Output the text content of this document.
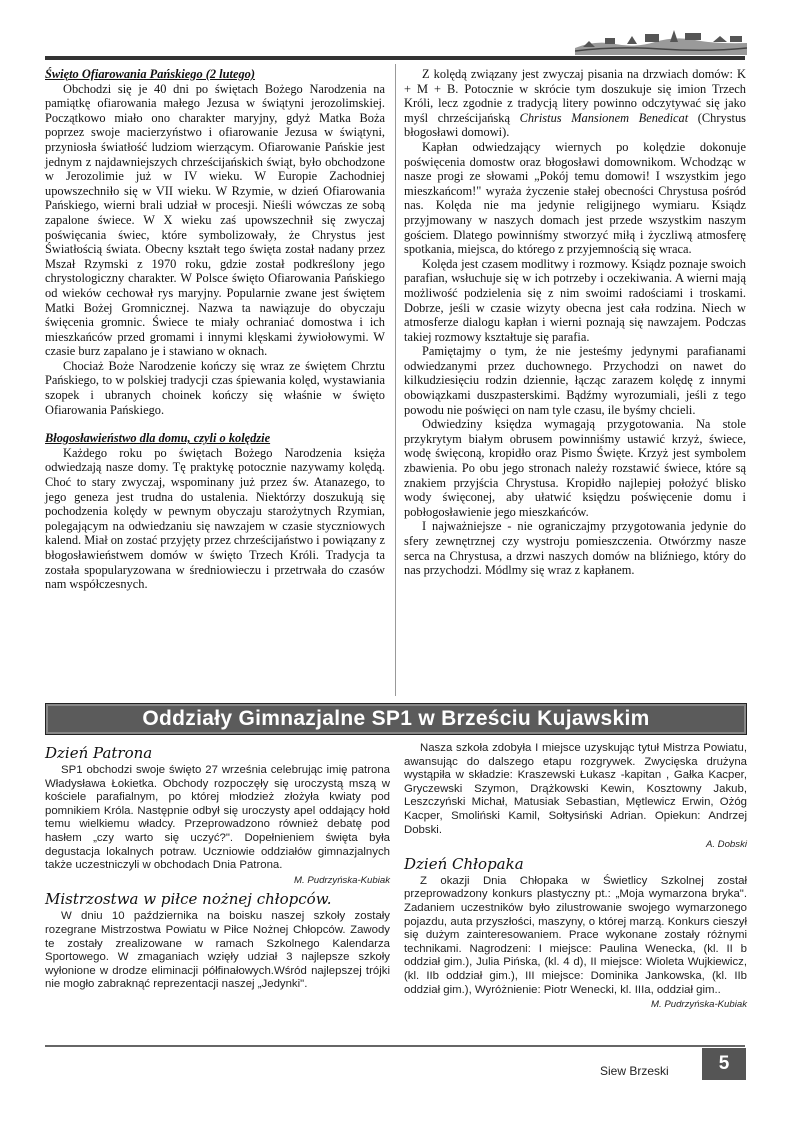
Święto Ofiarowania Pańskiego (2 lutego)

Obchodzi się je 40 dni po świętach Bożego Narodzenia na pamiątkę ofiarowania małego Jezusa w świątyni jerozolimskiej. Początkowo miało ono charakter maryjny, gdyż Matka Boża poprzez swoje macierzyństwo i ofiarowanie Jezusa w świątyni, przyniosła światłość ludziom wierzącym. Ofiarowanie Pańskie jest jednym z najdawniejszych chrześcijańskich świąt, było obchodzone w Jerozolimie już w IV wieku. W Europie Zachodniej upowszechniło się w VII wieku. W Rzymie, w dzień Ofiarowania Pańskiego, wierni brali udział w procesji. Nieśli wówczas ze sobą zapalone świece. W X wieku zaś upowszechnił się zwyczaj poświęcania świec, które symbolizowały, że Chrystus jest Światłością świata. Obecny kształt tego święta został nadany przez Mszał Rzymski z 1970 roku, gdzie został podkreślony jego chrystologiczny charakter. W Polsce święto Ofiarowania Pańskiego od wieków cechował rys maryjny. Popularnie zwane jest świętem Matki Bożej Gromnicznej. Nazwa ta nawiązuje do obyczaju święcenia gromnic. Świece te miały ochraniać domostwa i ich mieszkańców przed gromami i innymi klęskami żywiołowymi. W czasie burz zapalano je i stawiano w oknach.

Chociaż Boże Narodzenie kończy się wraz ze świętem Chrztu Pańskiego, to w polskiej tradycji czas śpiewania kolęd, wystawiania szopek i ubranych choinek kończy się właśnie w święto Ofiarowania Pańskiego.

Błogosławieństwo dla domu, czyli o kolędzie

Każdego roku po świętach Bożego Narodzenia księża odwiedzają nasze domy. Tę praktykę potocznie nazywamy kolędą. Choć to stary zwyczaj, wspominany już przez św. Atanazego, to jego geneza jest trudna do ustalenia. Niektórzy doszukują się pochodzenia kolędy w pewnym obyczaju starożytnych Rzymian, polegającym na odwiedzaniu się nawzajem w czasie styczniowych kalend. Miał on zostać przyjęty przez chrześcijaństwo i powiązany z błogosławieństwem domów w święto Trzech Króli. Tradycja ta została spopularyzowana w średniowieczu i przetrwała do czasów nam współczesnych.

Z kolędą związany jest zwyczaj pisania na drzwiach domów: K + M + B. Potocznie w skrócie tym doszukuje się imion Trzech Króli, lecz zgodnie z tradycją litery powinno odczytywać się jako myśl chrześcijańską Christus Mansionem Benedicat (Chrystus błogosławi domowi).

Kapłan odwiedzający wiernych po kolędzie dokonuje poświęcenia domostw oraz błogosławi domownikom. Wchodząc w nasze progi ze słowami „Pokój temu domowi! I wszystkim jego mieszkańcom!" wyraża życzenie stałej obecności Chrystusa pośród nas. Kolęda nie ma jedynie religijnego wymiaru. Ksiądz przyjmowany w naszych domach jest przede wszystkim naszym gościem. Dlatego powinniśmy stworzyć miłą i życzliwą atmosferę spotkania, miejsca, do którego z przyjemnością się wraca.

Kolęda jest czasem modlitwy i rozmowy. Ksiądz poznaje swoich parafian, wsłuchuje się w ich potrzeby i oczekiwania. A wierni mają możliwość podzielenia się z nim swoimi radościami i troskami. Dobrze, jeśli w czasie wizyty obecna jest cała rodzina. Niech w atmosferze dialogu kapłan i wierni poznają się nawzajem. Podczas takiej rozmowy kształtuje się parafia.

Pamiętajmy o tym, że nie jesteśmy jedynymi parafianami odwiedzanymi przez duchownego. Przychodzi on nawet do kilkudziesięciu rodzin dziennie, łącząc zarazem kolędę z innymi obowiązkami duszpasterskimi. Bądźmy wyrozumiali, jeśli z tego powodu nie poświęci on nam tyle czasu, ile byśmy chcieli.

Odwiedziny księdza wymagają przygotowania. Na stole przykrytym białym obrusem powinniśmy ustawić krzyż, świece, wodę święconą, kropidło oraz Pismo Święte. Krzyż jest symbolem zbawienia. Po obu jego stronach należy rozstawić świece, które są znakiem przyjścia Chrystusa. Kropidło najlepiej położyć blisko wody święconej, aby ułatwić księdzu poświęcenie domu i pobłogosławienie jego mieszkańców.

I najważniejsze - nie ograniczajmy przygotowania jedynie do sfery zewnętrznej czy wystroju pomieszczenia. Otwórzmy nasze serca na Chrystusa, a drzwi naszych domów na bliźniego, który do nas przychodzi. Módlmy się wraz z kapłanem.

Oddziały Gimnazjalne SP1 w Brześciu Kujawskim

Dzień Patrona

SP1 obchodzi swoje święto 27 września celebrując imię patrona Władysława Łokietka. Obchody rozpoczęły się uroczystą mszą w kościele parafialnym, po której młodzież złożyła kwiaty pod pomnikiem Króla. Następnie odbył się uroczysty apel oddający hołd temu wielkiemu władcy. Przeprowadzono również debatę pod hasłem „czy warto się uczyć?". Dopełnieniem święta była degustacja lokalnych potraw. Uczniowie oddziałów gimnazjalnych także uczestniczyli w obchodach Dnia Patrona.

M. Pudrzyńska-Kubiak

Mistrzostwa w piłce nożnej chłopców.

W dniu 10 października na boisku naszej szkoły zostały rozegrane Mistrzostwa Powiatu w Piłce Nożnej Chłopców. Zawody te zostały zrealizowane w ramach Szkolnego Kalendarza Sportowego. W zmaganiach wzięły udział 3 najlepsze szkoły wyłonione w drodze eliminacji półfinałowych.Wśród najlepszej trójki nie mogło zabraknąć reprezentacji naszej „Jedynki".

Nasza szkoła zdobyła I miejsce uzyskując tytuł Mistrza Powiatu, awansując do dalszego etapu rozgrywek. Zwycięska drużyna wystąpiła w składzie: Kraszewski Łukasz -kapitan , Gałka Kacper, Gryczewski Szymon, Drążkowski Kewin, Kosztowny Jakub, Leszczyński Michał, Matusiak Sebastian, Mętlewicz Erwin, Ożóg Kacper, Smoliński Kamil, Sołtysiński Adrian. Opiekun: Andrzej Dobski.

A. Dobski

Dzień Chłopaka

Z okazji Dnia Chłopaka w Świetlicy Szkolnej został przeprowadzony konkurs plastyczny pt.: „Moja wymarzona bryka". Zadaniem uczestników było zilustrowanie swojego wymarzonego pojazdu, auta przyszłości, maszyny, o której marzą. Konkurs cieszył się dużym zainteresowaniem. Prace wykonane zostały różnymi technikami. Nagrodzeni: I miejsce: Paulina Wenecka, (kl. II b oddział gim.), Julia Pińska, (kl. 4 d), II miejsce: Wioleta Wujkiewicz, (kl. IIb oddział gim.), III miejsce: Dominika Jankowska, (kl. IIb oddział gim.), Wyróżnienie: Piotr Wenecki, kl. IIIa, oddział gim..

M. Pudrzyńska-Kubiak

Siew Brzeski	5
